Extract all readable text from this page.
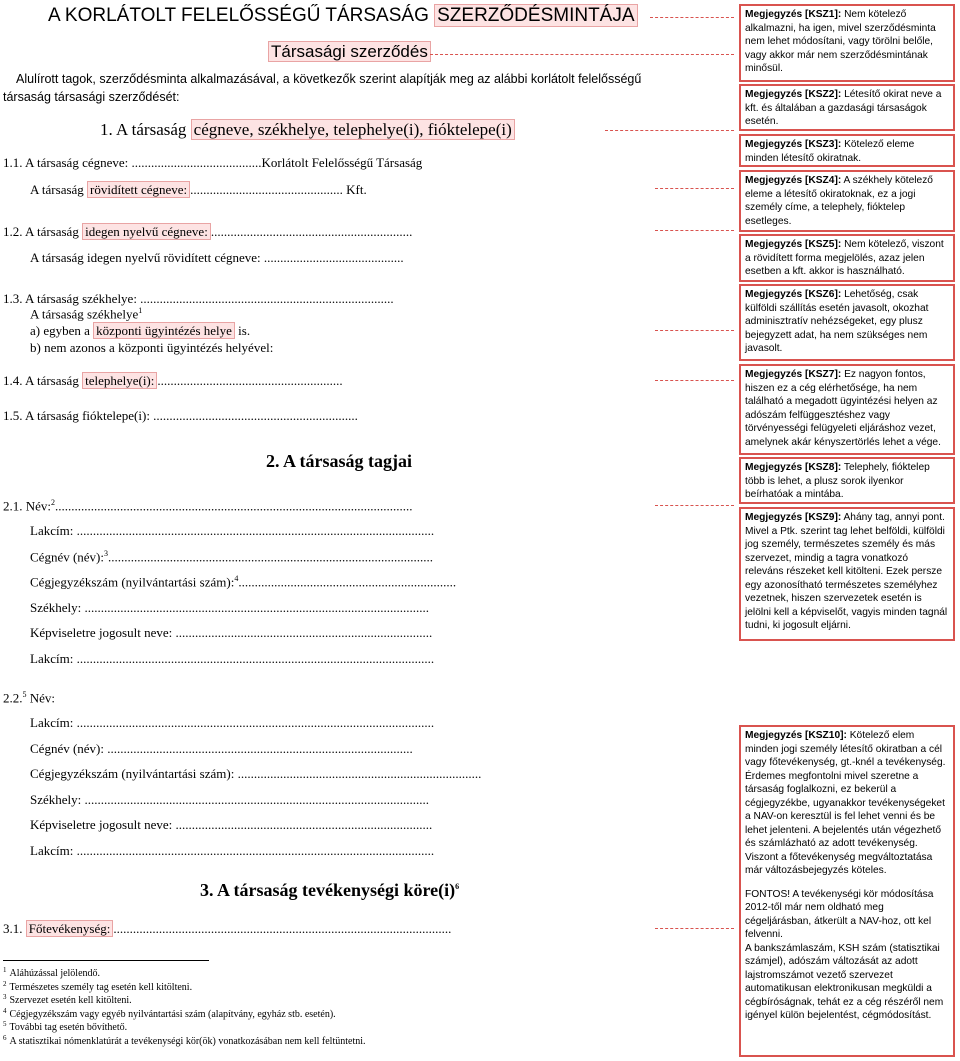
A KORLÁTOLT FELELŐSSÉGŰ TÁRSASÁG SZERZŐDÉSMINTÁJA
Társasági szerződés
Alulírott tagok, szerződésminta alkalmazásával, a következők szerint alapítják meg az alábbi korlátolt felelősségű
társaság társasági szerződését:
1. A társaság cégneve, székhelye, telephelye(i), fióktelepe(i)
1.1. A társaság cégneve: ........................................Korlátolt Felelősségű Társaság
A társaság rövidített cégneve: ............................................... Kft.
1.2. A társaság idegen nyelvű cégneve: ..............................................................
A társaság idegen nyelvű rövidített cégneve: ...........................................
1.3. A társaság székhelye: ..............................................................................
A társaság székhelye$^1$
a) egyben a központi ügyintézés helye is.
b) nem azonos a központi ügyintézés helyével:
1.4. A társaság telephelye(i): .........................................................
1.5. A társaság fióktelepe(i): ...............................................................
2. A társaság tagjai
2.1. Név:$^2$..............................................................................................................
Lakcím: ..............................................................................................................
Cégnév (név):$^3$....................................................................................................
Cégjegyzékszám (nyilvántartási szám):$^4$...................................................................
Székhely: ..........................................................................................................
Képviseletre jogosult neve: ...............................................................................
Lakcím: ..............................................................................................................
2.2.$^5$ Név:
Lakcím: ..............................................................................................................
Cégnév (név): ..............................................................................................
Cégjegyzékszám (nyilvántartási szám): ...........................................................................
Székhely: ..........................................................................................................
Képviseletre jogosult neve: ...............................................................................
Lakcím: ..............................................................................................................
3. A társaság tevékenységi $köre(i)^6$
3.1. Főtevékenység: ........................................................................................................
$^1$ Aláhúzással jelölendő.
$^2$ Természetes személy tag esetén kell kitölteni.
$^3$ Szervezet esetén kell kitölteni.
$^4$ Cégjegyzékszám vagy egyéb nyilvántartási szám (alapítvány, egyház stb. esetén).
$^5$ További tag esetén bővíthető.
$^6$ A statisztikai nómenklatúrát a tevékenységi kör(ök) vonatkozásában nem kell feltüntetni.
Megjegyzés [KSZ1]: Nem kötelező alkalmazni, ha igen, mivel szerződésminta nem lehet módosítani, vagy törölni belőle, vagy akkor már nem szerződésmintának minősül.
Megjegyzés [KSZ2]: Létesítő okirat neve a kft. és általában a gazdasági társaságok esetén.
Megjegyzés [KSZ3]: Kötelező eleme minden létesítő okiratnak.
Megjegyzés [KSZ4]: A székhely kötelező eleme a létesítő okiratoknak, ez a jogi személy címe, a telephely, fióktelep esetleges.
Megjegyzés [KSZ5]: Nem kötelező, viszont a rövidített forma megjelölés, azaz jelen esetben a kft. akkor is használható.
Megjegyzés [KSZ6]: Lehetőség, csak külföldi szállítás esetén javasolt, okozhat adminisztratív nehézségeket, egy plusz bejegyzett adat, ha nem szükséges nem javasolt.
Megjegyzés [KSZ7]: Ez nagyon fontos, hiszen ez a cég elérhetősége, ha nem található a megadott ügyintézési helyen az adószám felfüggesztéshez vagy törvényességi felügyeleti eljáráshoz vezet, amelynek akár kényszertörlés lehet a vége.
Megjegyzés [KSZ8]: Telephely, fióktelep több is lehet, a plusz sorok ilyenkor beírhatóak a mintába.
Megjegyzés [KSZ9]: Ahány tag, annyi pont. Mivel a Ptk. szerint tag lehet belföldi, külföldi jog személy, természetes személy és más szervezet, mindig a tagra vonatkozó releváns részeket kell kitölteni. Ezek persze egy azonosítható természetes személyhez vezetnek, hiszen szervezetek esetén is jelölni kell a képviselőt, vagyis minden tagnál tudni, ki jogosult eljárni.
Megjegyzés [KSZ10]: Kötelező elem minden jogi személy létesítő okiratban a cél vagy főtevékenység, gt.-knél a tevékenység. Érdemes megfontolni mivel szeretne a társaság foglalkozni, ez bekerül a cégjegyzékbe, ugyanakkor tevékenységeket a NAV-on keresztül is fel lehet venni és be lehet jelenteni. A bejelentés után végezhető és számlázható az adott tevékenység. Viszont a főtevékenység megváltoztatása már változásbejegyzés köteles.
FONTOS! A tevékenységi kör módosítása 2012-től már nem oldható meg cégeljárásban, átkerült a NAV-hoz, ott kel felvenni.
A bankszámlaszám, KSH szám (statisztikai számjel), adószám változását az adott lajstromszámot vezető szervezet automatikusan elektronikusan megküldi a cégbíróságnak, tehát ez a cég részéről nem igényel külön bejelentést, cégmódosítást.
